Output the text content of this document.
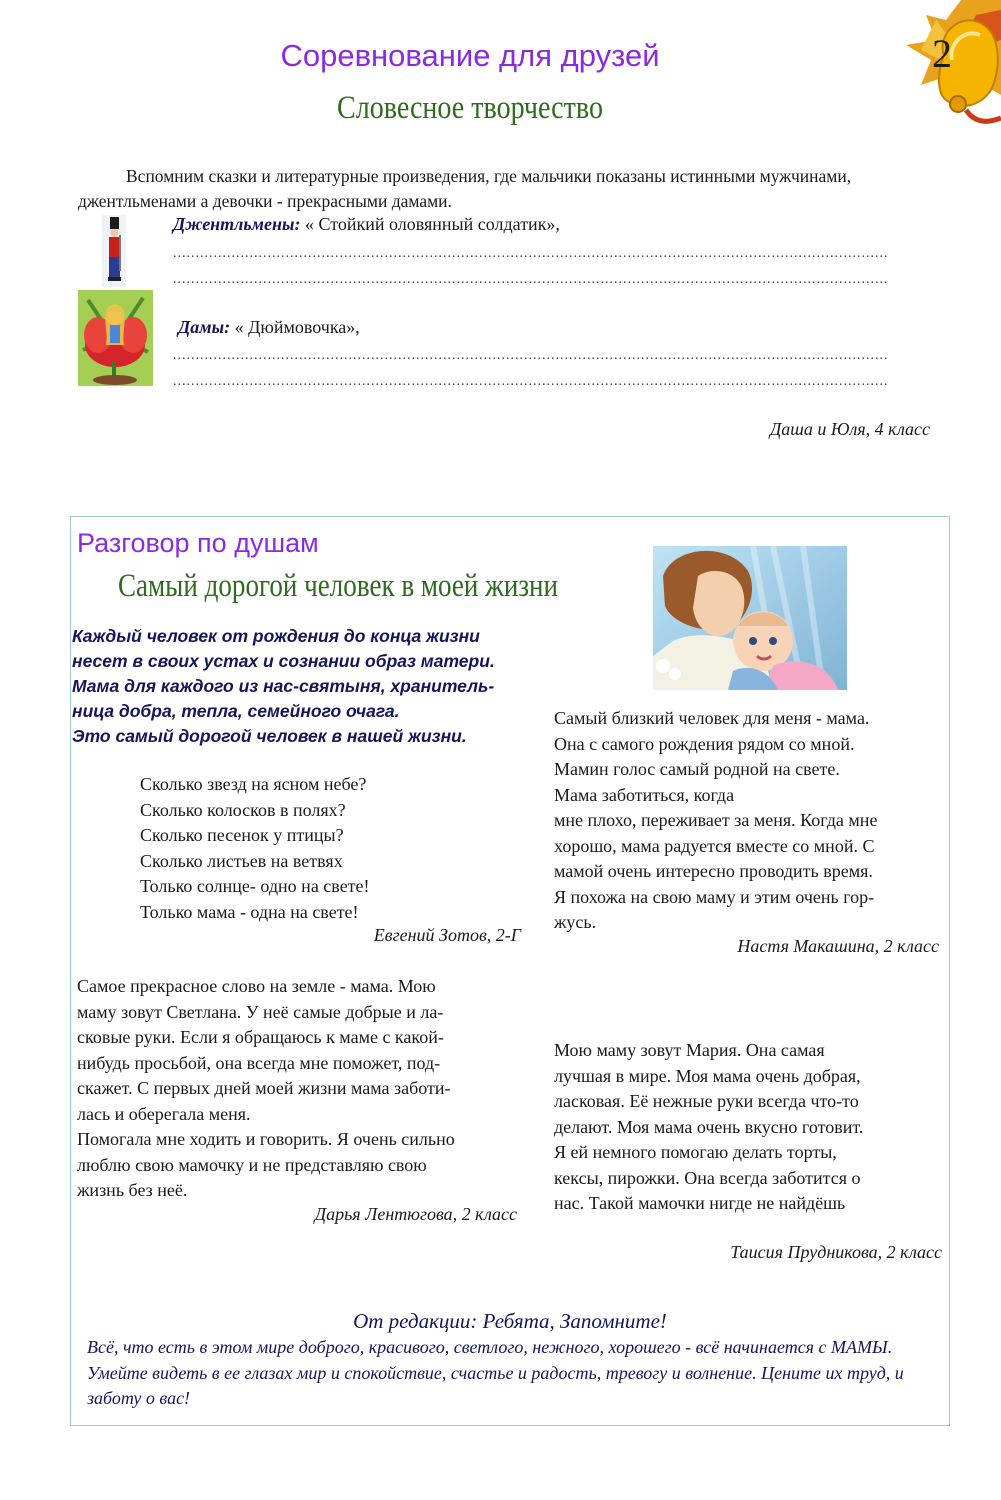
2
Соревнование для друзей
Словесное творчество
Вспомним сказки и литературные произведения, где мальчики показаны истинными мужчинами, джентльменами а девочки - прекрасными дамами.
Джентльмены: « Стойкий оловянный солдатик»,
...............................................................................................................................................................
...............................................................................................................................................................
Дамы: « Дюймовочка»,
...............................................................................................................................................................
...............................................................................................................................................................
Даша и Юля, 4 класс
Разговор по душам
Самый дорогой человек в моей жизни
Каждый человек от рождения до конца жизни
несет в своих устах и сознании образ матери.
Мама для каждого из нас-святыня, хранитель-
ница добра, тепла, семейного очага.
Это самый дорогой человек в нашей жизни.
Сколько звезд на ясном небе?
Сколько колосков в полях?
Сколько песенок у птицы?
Сколько листьев на ветвях
Только солнце- одно на свете!
Только мама - одна на свете!
Евгений Зотов, 2-Г
Самое прекрасное слово на земле - мама. Мою
маму зовут Светлана. У неё самые добрые и ла-
сковые руки. Если я обращаюсь к маме с какой-
нибудь просьбой, она всегда мне поможет, под-
скажет. С первых дней моей жизни мама заботи-
лась и оберегала меня.
Помогала мне ходить и говорить. Я очень сильно
люблю свою мамочку и не представляю свою
жизнь без неё.
Дарья Лентюгова, 2 класс
Самый близкий человек для меня - мама.
Она с самого рождения рядом со мной.
Мамин голос самый родной на свете.
Мама заботиться, когда
мне плохо, переживает за меня. Когда мне
хорошо, мама радуется вместе со мной. С
мамой очень интересно проводить время.
Я похожа на свою маму и этим очень гор-
жусь.
Настя Макашина, 2 класс
Мою маму зовут Мария. Она самая
лучшая в мире. Моя мама очень добрая,
ласковая. Её нежные руки всегда что-то
делают. Моя мама очень вкусно готовит.
Я ей немного помогаю делать торты,
кексы, пирожки. Она всегда заботится о
нас. Такой мамочки нигде не найдёшь
Таисия Прудникова, 2 класс
От редакции: Ребята, Запомните!
Всё, что есть в этом мире доброго, красивого, светлого, нежного, хорошего - всё начинается с МАМЫ. Умейте видеть в ее глазах мир и спокойствие, счастье и радость, тревогу и волнение. Цените их труд, и заботу о вас!
